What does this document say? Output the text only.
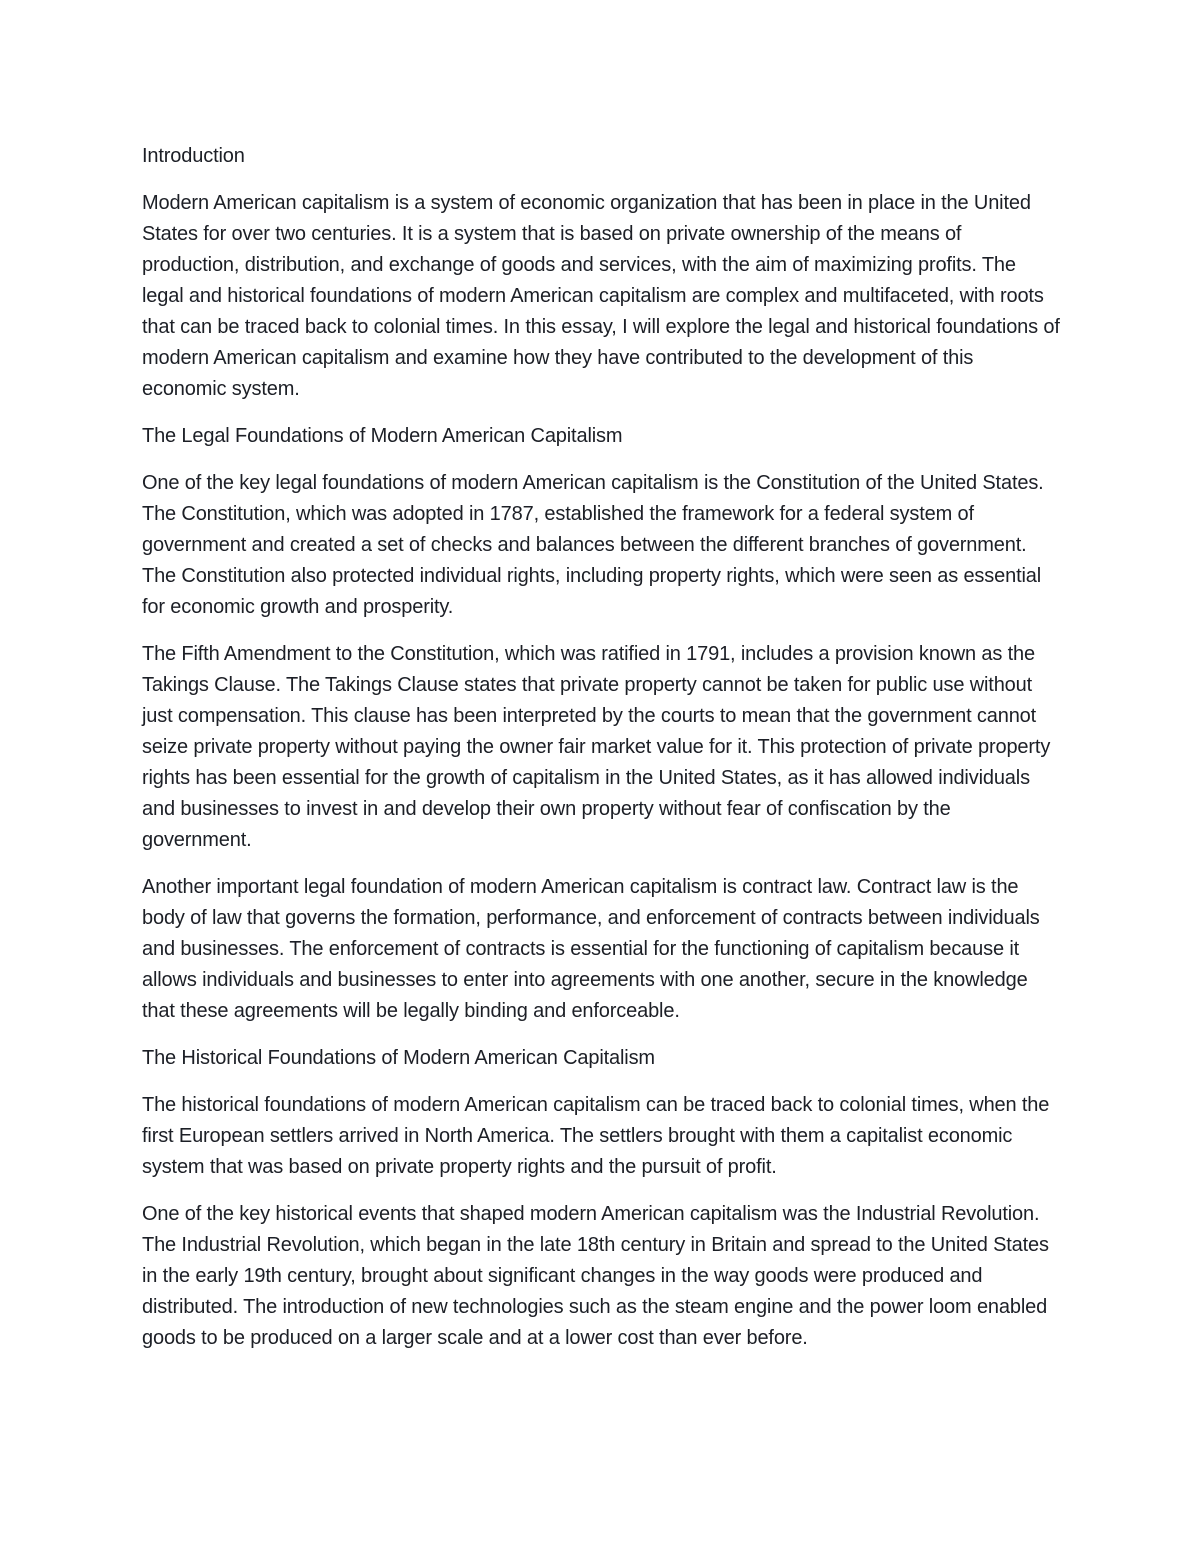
Introduction

Modern American capitalism is a system of economic organization that has been in place in the United States for over two centuries. It is a system that is based on private ownership of the means of production, distribution, and exchange of goods and services, with the aim of maximizing profits. The legal and historical foundations of modern American capitalism are complex and multifaceted, with roots that can be traced back to colonial times. In this essay, I will explore the legal and historical foundations of modern American capitalism and examine how they have contributed to the development of this economic system.

The Legal Foundations of Modern American Capitalism

One of the key legal foundations of modern American capitalism is the Constitution of the United States. The Constitution, which was adopted in 1787, established the framework for a federal system of government and created a set of checks and balances between the different branches of government. The Constitution also protected individual rights, including property rights, which were seen as essential for economic growth and prosperity.

The Fifth Amendment to the Constitution, which was ratified in 1791, includes a provision known as the Takings Clause. The Takings Clause states that private property cannot be taken for public use without just compensation. This clause has been interpreted by the courts to mean that the government cannot seize private property without paying the owner fair market value for it. This protection of private property rights has been essential for the growth of capitalism in the United States, as it has allowed individuals and businesses to invest in and develop their own property without fear of confiscation by the government.

Another important legal foundation of modern American capitalism is contract law. Contract law is the body of law that governs the formation, performance, and enforcement of contracts between individuals and businesses. The enforcement of contracts is essential for the functioning of capitalism because it allows individuals and businesses to enter into agreements with one another, secure in the knowledge that these agreements will be legally binding and enforceable.

The Historical Foundations of Modern American Capitalism

The historical foundations of modern American capitalism can be traced back to colonial times, when the first European settlers arrived in North America. The settlers brought with them a capitalist economic system that was based on private property rights and the pursuit of profit.

One of the key historical events that shaped modern American capitalism was the Industrial Revolution. The Industrial Revolution, which began in the late 18th century in Britain and spread to the United States in the early 19th century, brought about significant changes in the way goods were produced and distributed. The introduction of new technologies such as the steam engine and the power loom enabled goods to be produced on a larger scale and at a lower cost than ever before.
